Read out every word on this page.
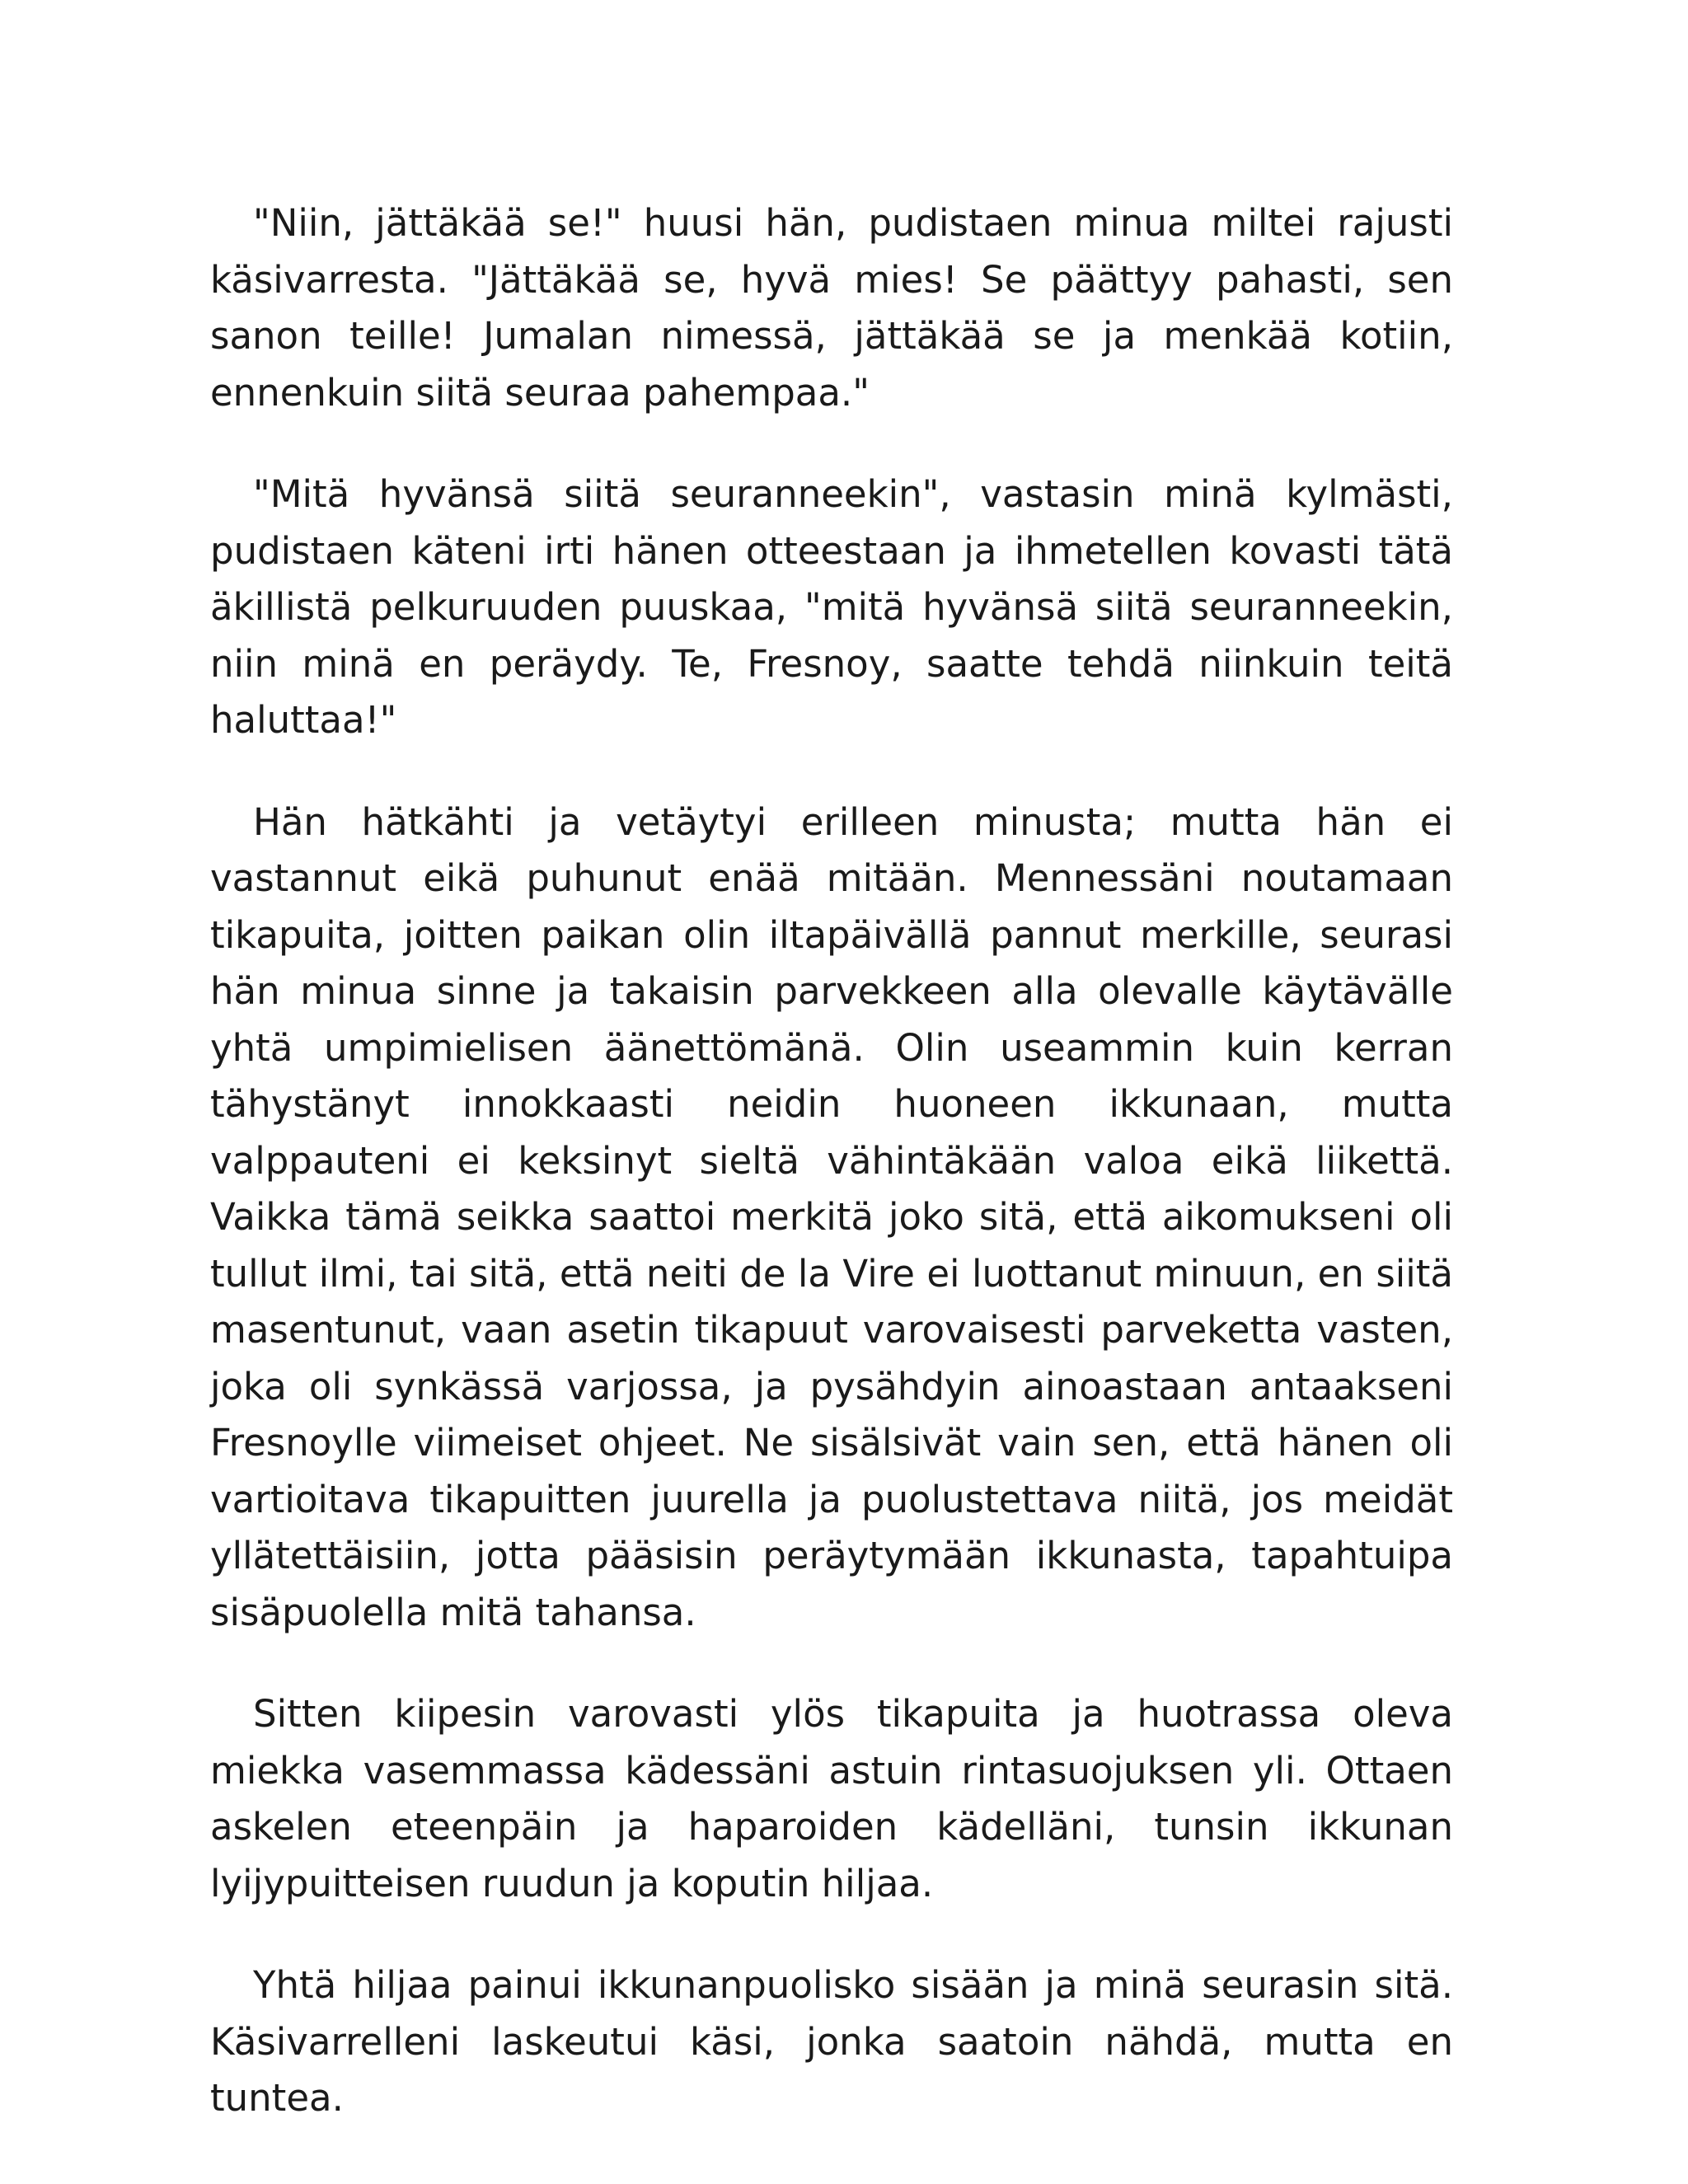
"Niin, jättäkää se!" huusi hän, pudistaen minua miltei rajusti käsivarresta. "Jättäkää se, hyvä mies! Se päättyy pahasti, sen sanon teille! Jumalan nimessä, jättäkää se ja menkää kotiin, ennenkuin siitä seuraa pahempaa."

"Mitä hyvänsä siitä seuranneekin", vastasin minä kylmästi, pudistaen käteni irti hänen otteestaan ja ihmetellen kovasti tätä äkillistä pelkuruuden puuskaa, "mitä hyvänsä siitä seuranneekin, niin minä en peräydy. Te, Fresnoy, saatte tehdä niinkuin teitä haluttaa!"

Hän hätkähti ja vetäytyi erilleen minusta; mutta hän ei vastannut eikä puhunut enää mitään. Mennessäni noutamaan tikapuita, joitten paikan olin iltapäivällä pannut merkille, seurasi hän minua sinne ja takaisin parvekkeen alla olevalle käytävälle yhtä umpimielisen äänettömänä. Olin useammin kuin kerran tähystänyt innokkaasti neidin huoneen ikkunaan, mutta valppauteni ei keksinyt sieltä vähintäkään valoa eikä liikettä. Vaikka tämä seikka saattoi merkitä joko sitä, että aikomukseni oli tullut ilmi, tai sitä, että neiti de la Vire ei luottanut minuun, en siitä masentunut, vaan asetin tikapuut varovaisesti parveketta vasten, joka oli synkässä varjossa, ja pysähdyin ainoastaan antaakseni Fresnoylle viimeiset ohjeet. Ne sisälsivät vain sen, että hänen oli vartioitava tikapuitten juurella ja puolustettava niitä, jos meidät yllätettäisiin, jotta pääsisin peräytymään ikkunasta, tapahtuipa sisäpuolella mitä tahansa.

Sitten kiipesin varovasti ylös tikapuita ja huotrassa oleva miekka vasemmassa kädessäni astuin rintasuojuksen yli. Ottaen askelen eteenpäin ja haparoiden kädelläni, tunsin ikkunan lyijypuitteisen ruudun ja koputin hiljaa.

Yhtä hiljaa painui ikkunanpuolisko sisään ja minä seurasin sitä. Käsivarrelleni laskeutui käsi, jonka saatoin nähdä, mutta en tuntea.
